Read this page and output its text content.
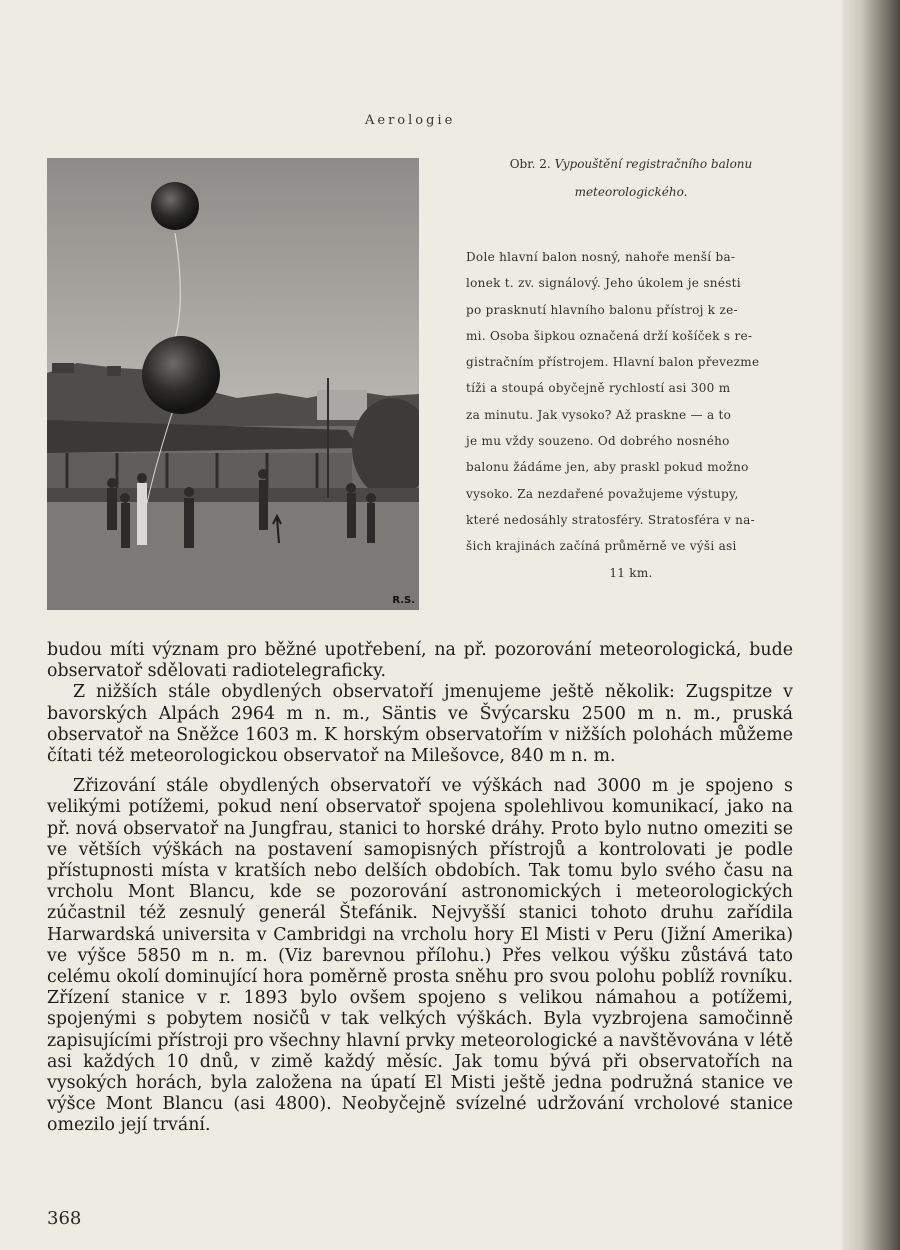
Aerologie
R.S.

Obr. 2. Vypouštění registračního balonu
meteorologického.

Dole hlavní balon nosný, nahoře menší ba-
lonek t. zv. signálový. Jeho úkolem je snésti
po prasknutí hlavního balonu přístroj k ze-
mi. Osoba šipkou označená drží košíček s re-
gistračním přístrojem. Hlavní balon převezme
tíži a stoupá obyčejně rychlostí asi 300 m
za minutu. Jak vysoko? Až praskne — a to
je mu vždy souzeno. Od dobrého nosného
balonu žádáme jen, aby praskl pokud možno
vysoko. Za nezdařené považujeme výstupy,
které nedosáhly stratosféry. Stratosféra v na-
šich krajinách začíná průměrně ve výši asi
11 km.

budou míti význam pro běžné upotřebení, na př. pozorování meteorologická, bude observatoř sdělovati radiotelegraficky.

Z nižších stále obydlených observatoří jmenujeme ještě několik: Zugspitze v bavorských Alpách 2964 m n. m., Säntis ve Švýcarsku 2500 m n. m., pruská observatoř na Sněžce 1603 m. K horským observatořím v nižších polohách můžeme čítati též meteorologickou observatoř na Milešovce, 840 m n. m.

Zřizování stále obydlených observatoří ve výškách nad 3000 m je spojeno s velikými potížemi, pokud není observatoř spojena spolehlivou komunikací, jako na př. nová observatoř na Jungfrau, stanici to horské dráhy. Proto bylo nutno omeziti se ve větších výškách na postavení samopisných přístrojů a kontrolovati je podle přístupnosti místa v kratších nebo delších obdobích. Tak tomu bylo svého času na vrcholu Mont Blancu, kde se pozorování astronomických i meteorologických zúčastnil též zesnulý generál Štefánik. Nejvyšší stanici tohoto druhu zařídila Harwardská universita v Cambridgi na vrcholu hory El Misti v Peru (Jižní Amerika) ve výšce 5850 m n. m. (Viz barevnou přílohu.) Přes velkou výšku zůstává tato celému okolí dominující hora poměrně prosta sněhu pro svou polohu poblíž rovníku. Zřízení stanice v r. 1893 bylo ovšem spojeno s velikou námahou a potížemi, spojenými s pobytem nosičů v tak velkých výškách. Byla vyzbrojena samočinně zapisujícími přístroji pro všechny hlavní prvky meteorologické a navštěvována v létě asi každých 10 dnů, v zimě každý měsíc. Jak tomu bývá při observatořích na vysokých horách, byla založena na úpatí El Misti ještě jedna podružná stanice ve výšce Mont Blancu (asi 4800). Neobyčejně svízelné udržování vrcholové stanice omezilo její trvání.

368
